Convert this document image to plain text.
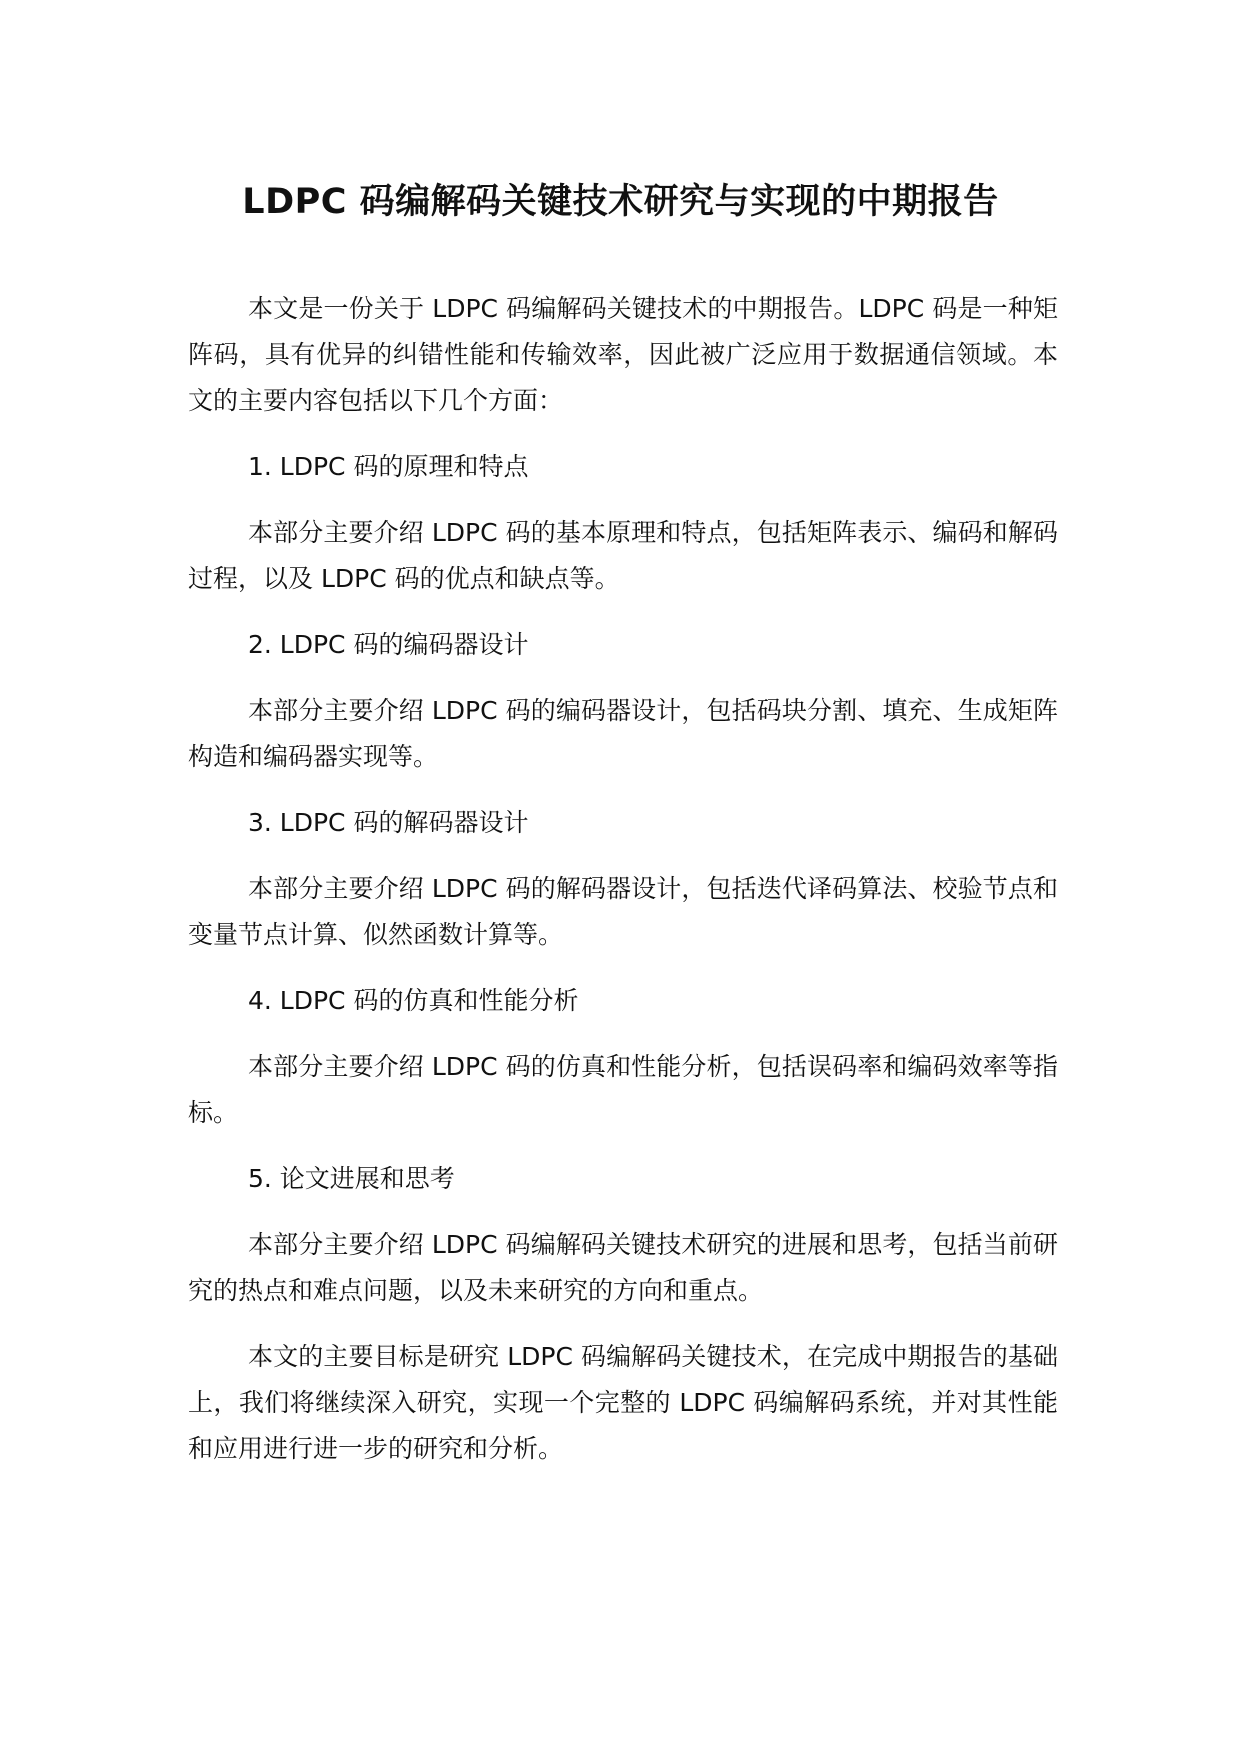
LDPC 码编解码关键技术研究与实现的中期报告

本文是一份关于 LDPC 码编解码关键技术的中期报告。LDPC 码是一种矩阵码，具有优异的纠错性能和传输效率，因此被广泛应用于数据通信领域。本文的主要内容包括以下几个方面：

1. LDPC 码的原理和特点

本部分主要介绍 LDPC 码的基本原理和特点，包括矩阵表示、编码和解码过程，以及 LDPC 码的优点和缺点等。

2. LDPC 码的编码器设计

本部分主要介绍 LDPC 码的编码器设计，包括码块分割、填充、生成矩阵构造和编码器实现等。

3. LDPC 码的解码器设计

本部分主要介绍 LDPC 码的解码器设计，包括迭代译码算法、校验节点和变量节点计算、似然函数计算等。

4. LDPC 码的仿真和性能分析

本部分主要介绍 LDPC 码的仿真和性能分析，包括误码率和编码效率等指标。

5. 论文进展和思考

本部分主要介绍 LDPC 码编解码关键技术研究的进展和思考，包括当前研究的热点和难点问题，以及未来研究的方向和重点。

本文的主要目标是研究 LDPC 码编解码关键技术，在完成中期报告的基础上，我们将继续深入研究，实现一个完整的 LDPC 码编解码系统，并对其性能和应用进行进一步的研究和分析。
